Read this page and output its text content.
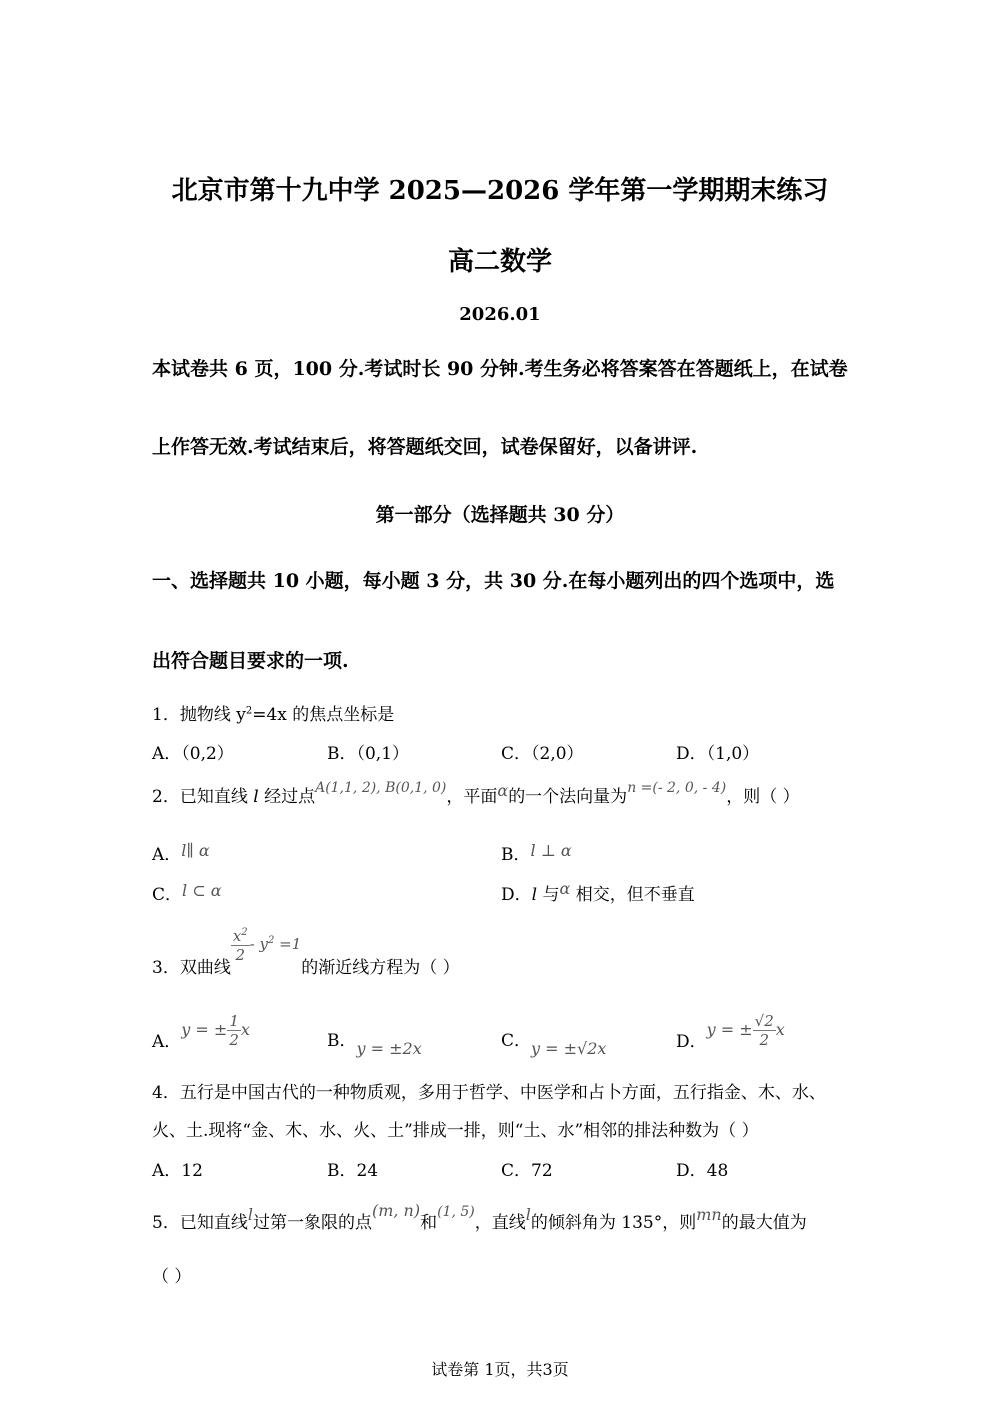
北京市第十九中学 2025—2026 学年第一学期期末练习
高二数学
2026.01
本试卷共 6 页，100 分.考试时长 90 分钟.考生务必将答案答在答题纸上，在试卷
上作答无效.考试结束后，将答题纸交回，试卷保留好，以备讲评.
第一部分（选择题共 30 分）
一、选择题共 10 小题，每小题 3 分，共 30 分.在每小题列出的四个选项中，选
出符合题目要求的一项.
1．抛物线 $y^2=4x$ 的焦点坐标是
A．（0,2）	B．（0,1）	C．（2,0）	D．（1,0）
2．已知直线 l 经过点$^{A(1,1, 2), B(0,1, 0)}$，平面α的一个法向量为$^{n =(- 2, 0, - 4)}$，则（ ）
A．l∥ α	B．l ⊥ α
C．l ⊂ α	D．l 与α 相交，但不垂直
3．双曲线
$\frac{x^2}{2} - y^2 =1$的渐近线方程为（ ）
A．y = ± $\frac{1}{2}$ x
B．y = ±2x	C．y = ±√2x	D．y = ± $\frac{√2}{2}$ x
4．五行是中国古代的一种物质观，多用于哲学、中医学和占卜方面，五行指金、木、水、
火、土.现将“金、木、水、火、土”排成一排，则“土、水”相邻的排法种数为（ ）
A．12	B．24	C．72	D．48
5．已知直线l过第一象限的点(m, n)和$^{(1, 5)}$，直线l的倾斜角为 135°，则mn的最大值为
（ ）
试卷第 1页，共3页
